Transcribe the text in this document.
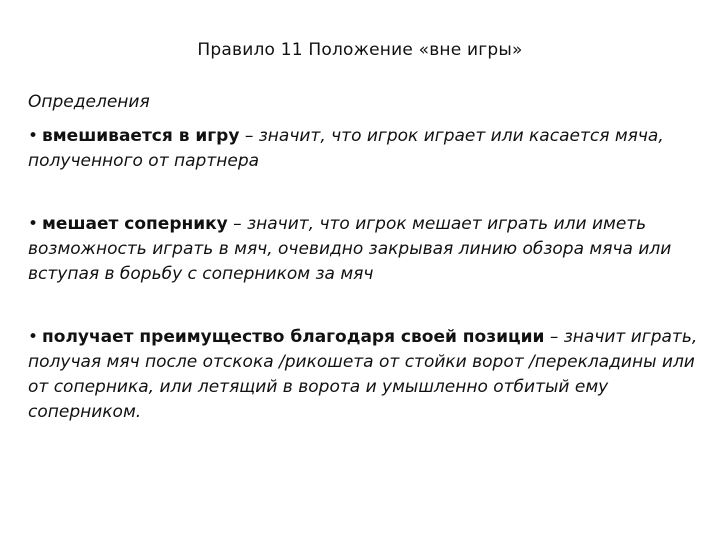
Правило 11 Положение «вне игры»

Определения

• вмешивается в игру – значит, что игрок играет или касается мяча, полученного от партнера

• мешает сопернику – значит, что игрок мешает играть или иметь возможность играть в мяч, очевидно закрывая линию обзора мяча или вступая в борьбу с соперником за мяч

• получает преимущество благодаря своей позиции – значит играть, получая мяч после отскока /рикошета от стойки ворот /перекладины или от соперника, или летящий в ворота и умышленно отбитый ему соперником.
